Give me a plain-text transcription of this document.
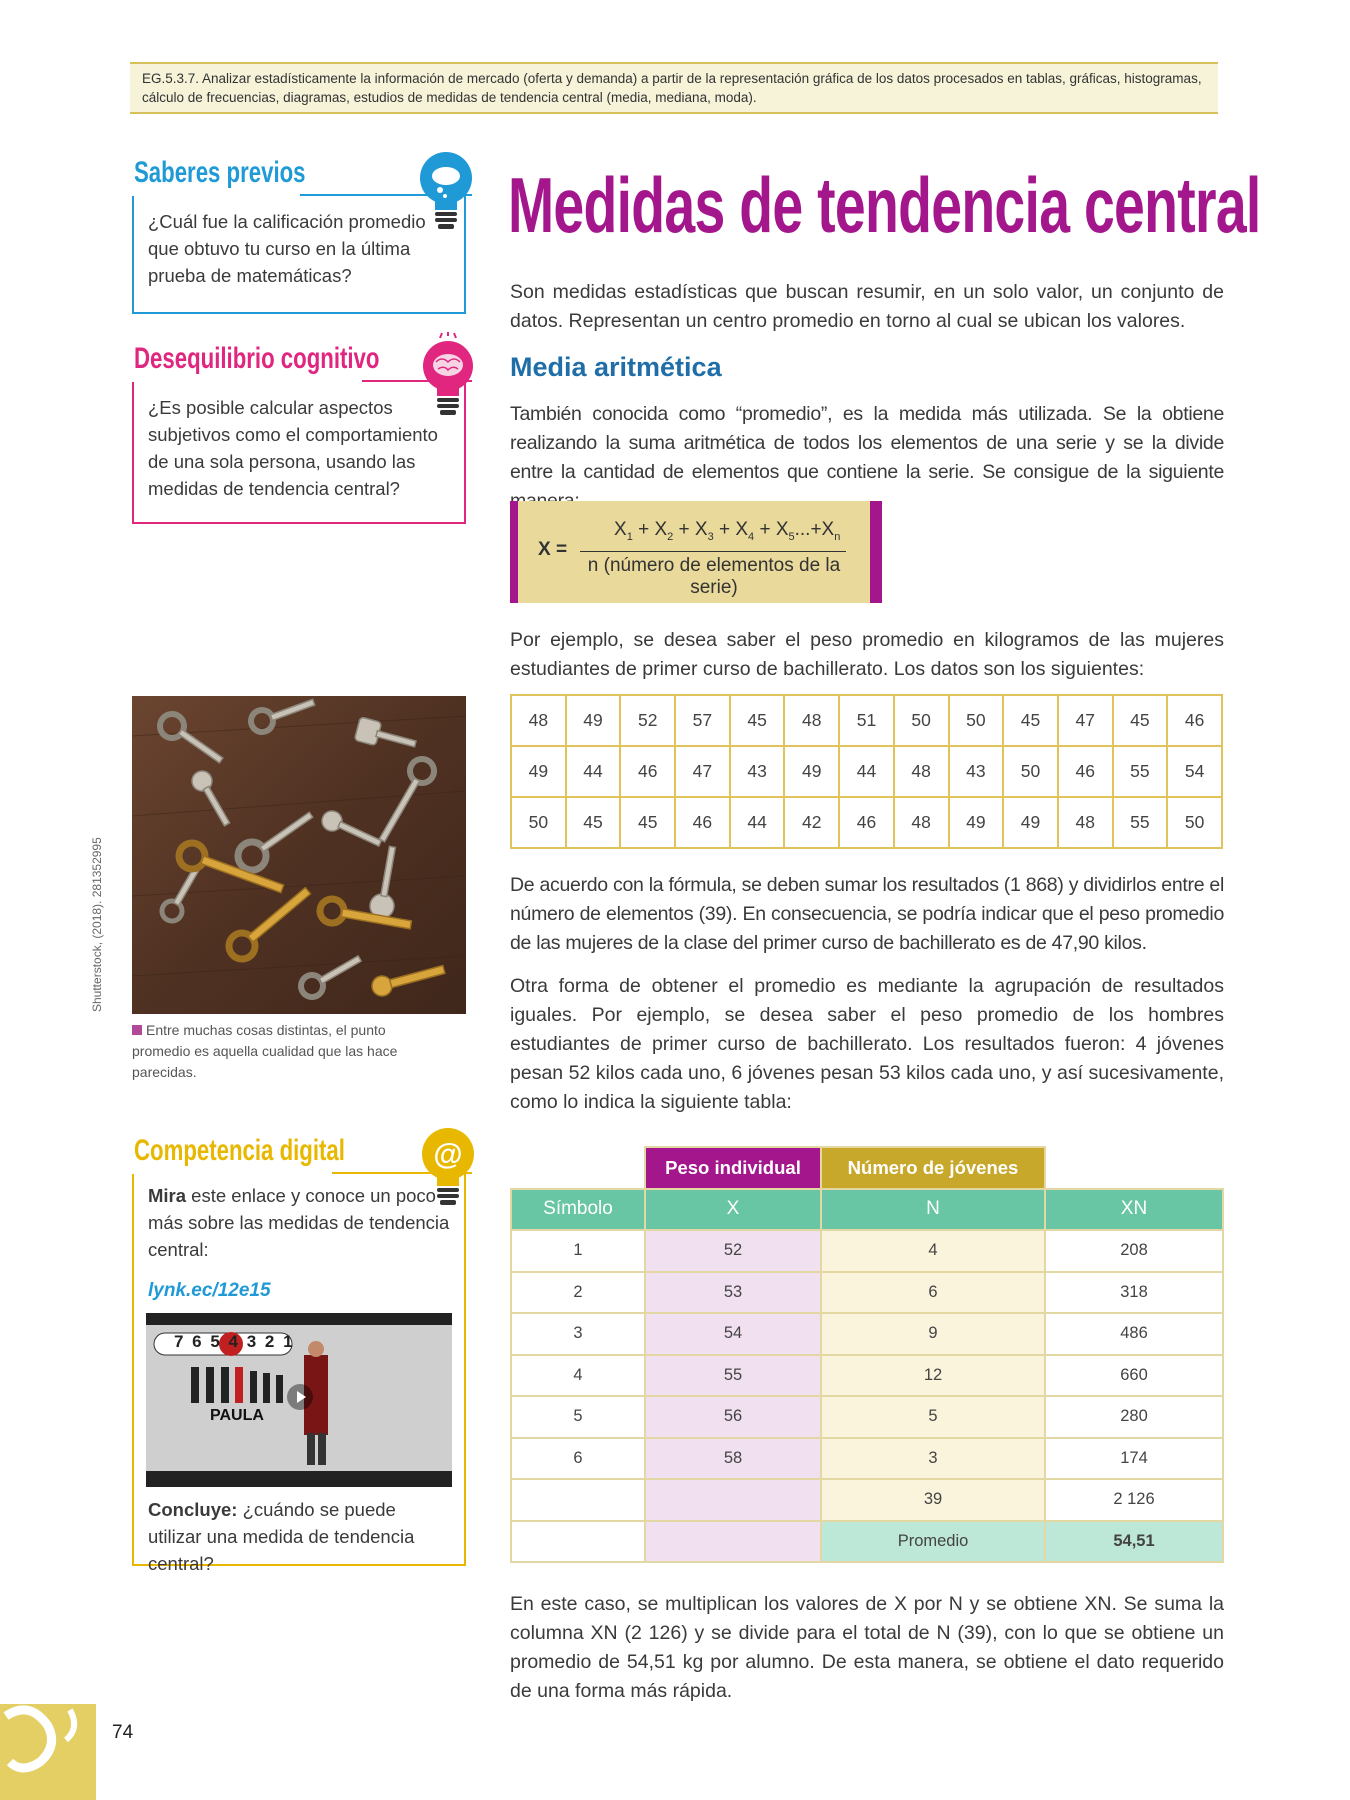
EG.5.3.7. Analizar estadísticamente la información de mercado (oferta y demanda) a partir de la representación gráfica de los datos procesados en tablas, gráficas, histogramas, cálculo de frecuencias, diagramas, estudios de medidas de tendencia central (media, mediana, moda).
Saberes previos
¿Cuál fue la calificación promedio que obtuvo tu curso en la última prueba de matemáticas?
Desequilibrio cognitivo
¿Es posible calcular aspectos subjetivos como el comportamiento de una sola persona, usando las medidas de tendencia central?
Medidas de tendencia central
Son medidas estadísticas que buscan resumir, en un solo valor, un conjunto de datos. Representan un centro promedio en torno al cual se ubican los valores.
Media aritmética
También conocida como “promedio”, es la medida más utilizada. Se la obtiene realizando la suma aritmética de todos los elementos de una serie y se la divide entre la cantidad de elementos que contiene la serie. Se consigue de la siguiente
X =
$X_1 + X_2 + X_3 + X_4 + X_5...+X_n$
n (número de elementos de la serie)
Por ejemplo, se desea saber el peso promedio en kilogramos de las mujeres estudiantes de primer curso de bachillerato. Los datos son los siguientes:
48	49	52	57	45	48	51	50	50	45	47	45	46
49	44	46	47	43	49	44	48	43	50	46	55	54
50	45	45	46	44	42	46	48	49	49	48	55	50
De acuerdo con la fórmula, se deben sumar los resultados (1 868) y dividirlos entre el número de elementos (39). En consecuencia, se podría indicar que el peso promedio de las mujeres de la clase del primer curso de bachillerato es de 47,90 kilos.
Otra forma de obtener el promedio es mediante la agrupación de resultados iguales. Por ejemplo, se desea saber el peso promedio de los hombres estudiantes de primer curso de bachillerato. Los resultados fueron: 4 jóvenes pesan 52 kilos cada uno, 6 jóvenes pesan 53 kilos cada uno, y así sucesivamente, como lo indica la siguiente tabla:
	Peso individual	Número de jóvenes	
Símbolo	X	N	XN
1	52	4	208
2	53	6	318
3	54	9	486
4	55	12	660
5	56	5	280
6	58	3	174
		39	2 126
		Promedio	54,51
En este caso, se multiplican los valores de X por N y se obtiene XN. Se suma la columna XN (2 126) y se divide para el total de N (39), con lo que se obtiene un promedio de 54,51 kg por alumno. De esta manera, se obtiene el dato requerido de una forma más rápida.
Shutterstock, (2018). 281352995
Entre muchas cosas distintas, el punto promedio es aquella cualidad que las hace parecidas.
Competencia digital
Mira este enlace y conoce un poco más sobre las medidas de tendencia central:
lynk.ec/12e15
Concluye: ¿cuándo se puede utilizar una medida de tendencia central?
@
7 6 5 4 3 2 1
PAULA
74
